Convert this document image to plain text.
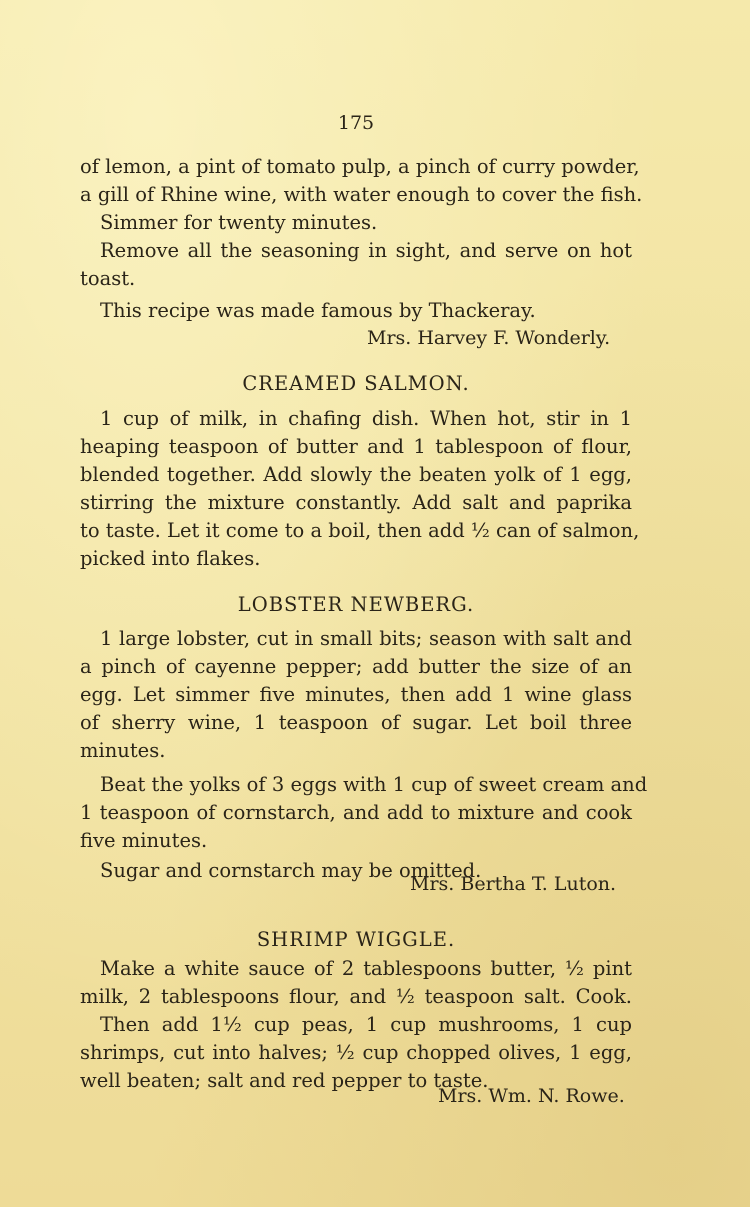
175
of lemon, a pint of tomato pulp, a pinch of curry powder,
a gill of Rhine wine, with water enough to cover the fish.
Simmer for twenty minutes.
Remove all the seasoning in sight, and serve on hot
toast.
This recipe was made famous by Thackeray.
Mrs. Harvey F. Wonderly.
CREAMED SALMON.
1 cup of milk, in chafing dish. When hot, stir in 1
heaping teaspoon of butter and 1 tablespoon of flour,
blended together. Add slowly the beaten yolk of 1 egg,
stirring the mixture constantly. Add salt and paprika
to taste. Let it come to a boil, then add ½ can of salmon,
picked into flakes.
LOBSTER NEWBERG.
1 large lobster, cut in small bits; season with salt and
a pinch of cayenne pepper; add butter the size of an
egg. Let simmer five minutes, then add 1 wine glass
of sherry wine, 1 teaspoon of sugar. Let boil three
minutes.
Beat the yolks of 3 eggs with 1 cup of sweet cream and
1 teaspoon of cornstarch, and add to mixture and cook
five minutes.
Sugar and cornstarch may be omitted.
Mrs. Bertha T. Luton.
SHRIMP WIGGLE.
Make a white sauce of 2 tablespoons butter, ½ pint
milk, 2 tablespoons flour, and ½ teaspoon salt. Cook.
Then add 1½ cup peas, 1 cup mushrooms, 1 cup
shrimps, cut into halves; ½ cup chopped olives, 1 egg,
well beaten; salt and red pepper to taste.
Mrs. Wm. N. Rowe.
